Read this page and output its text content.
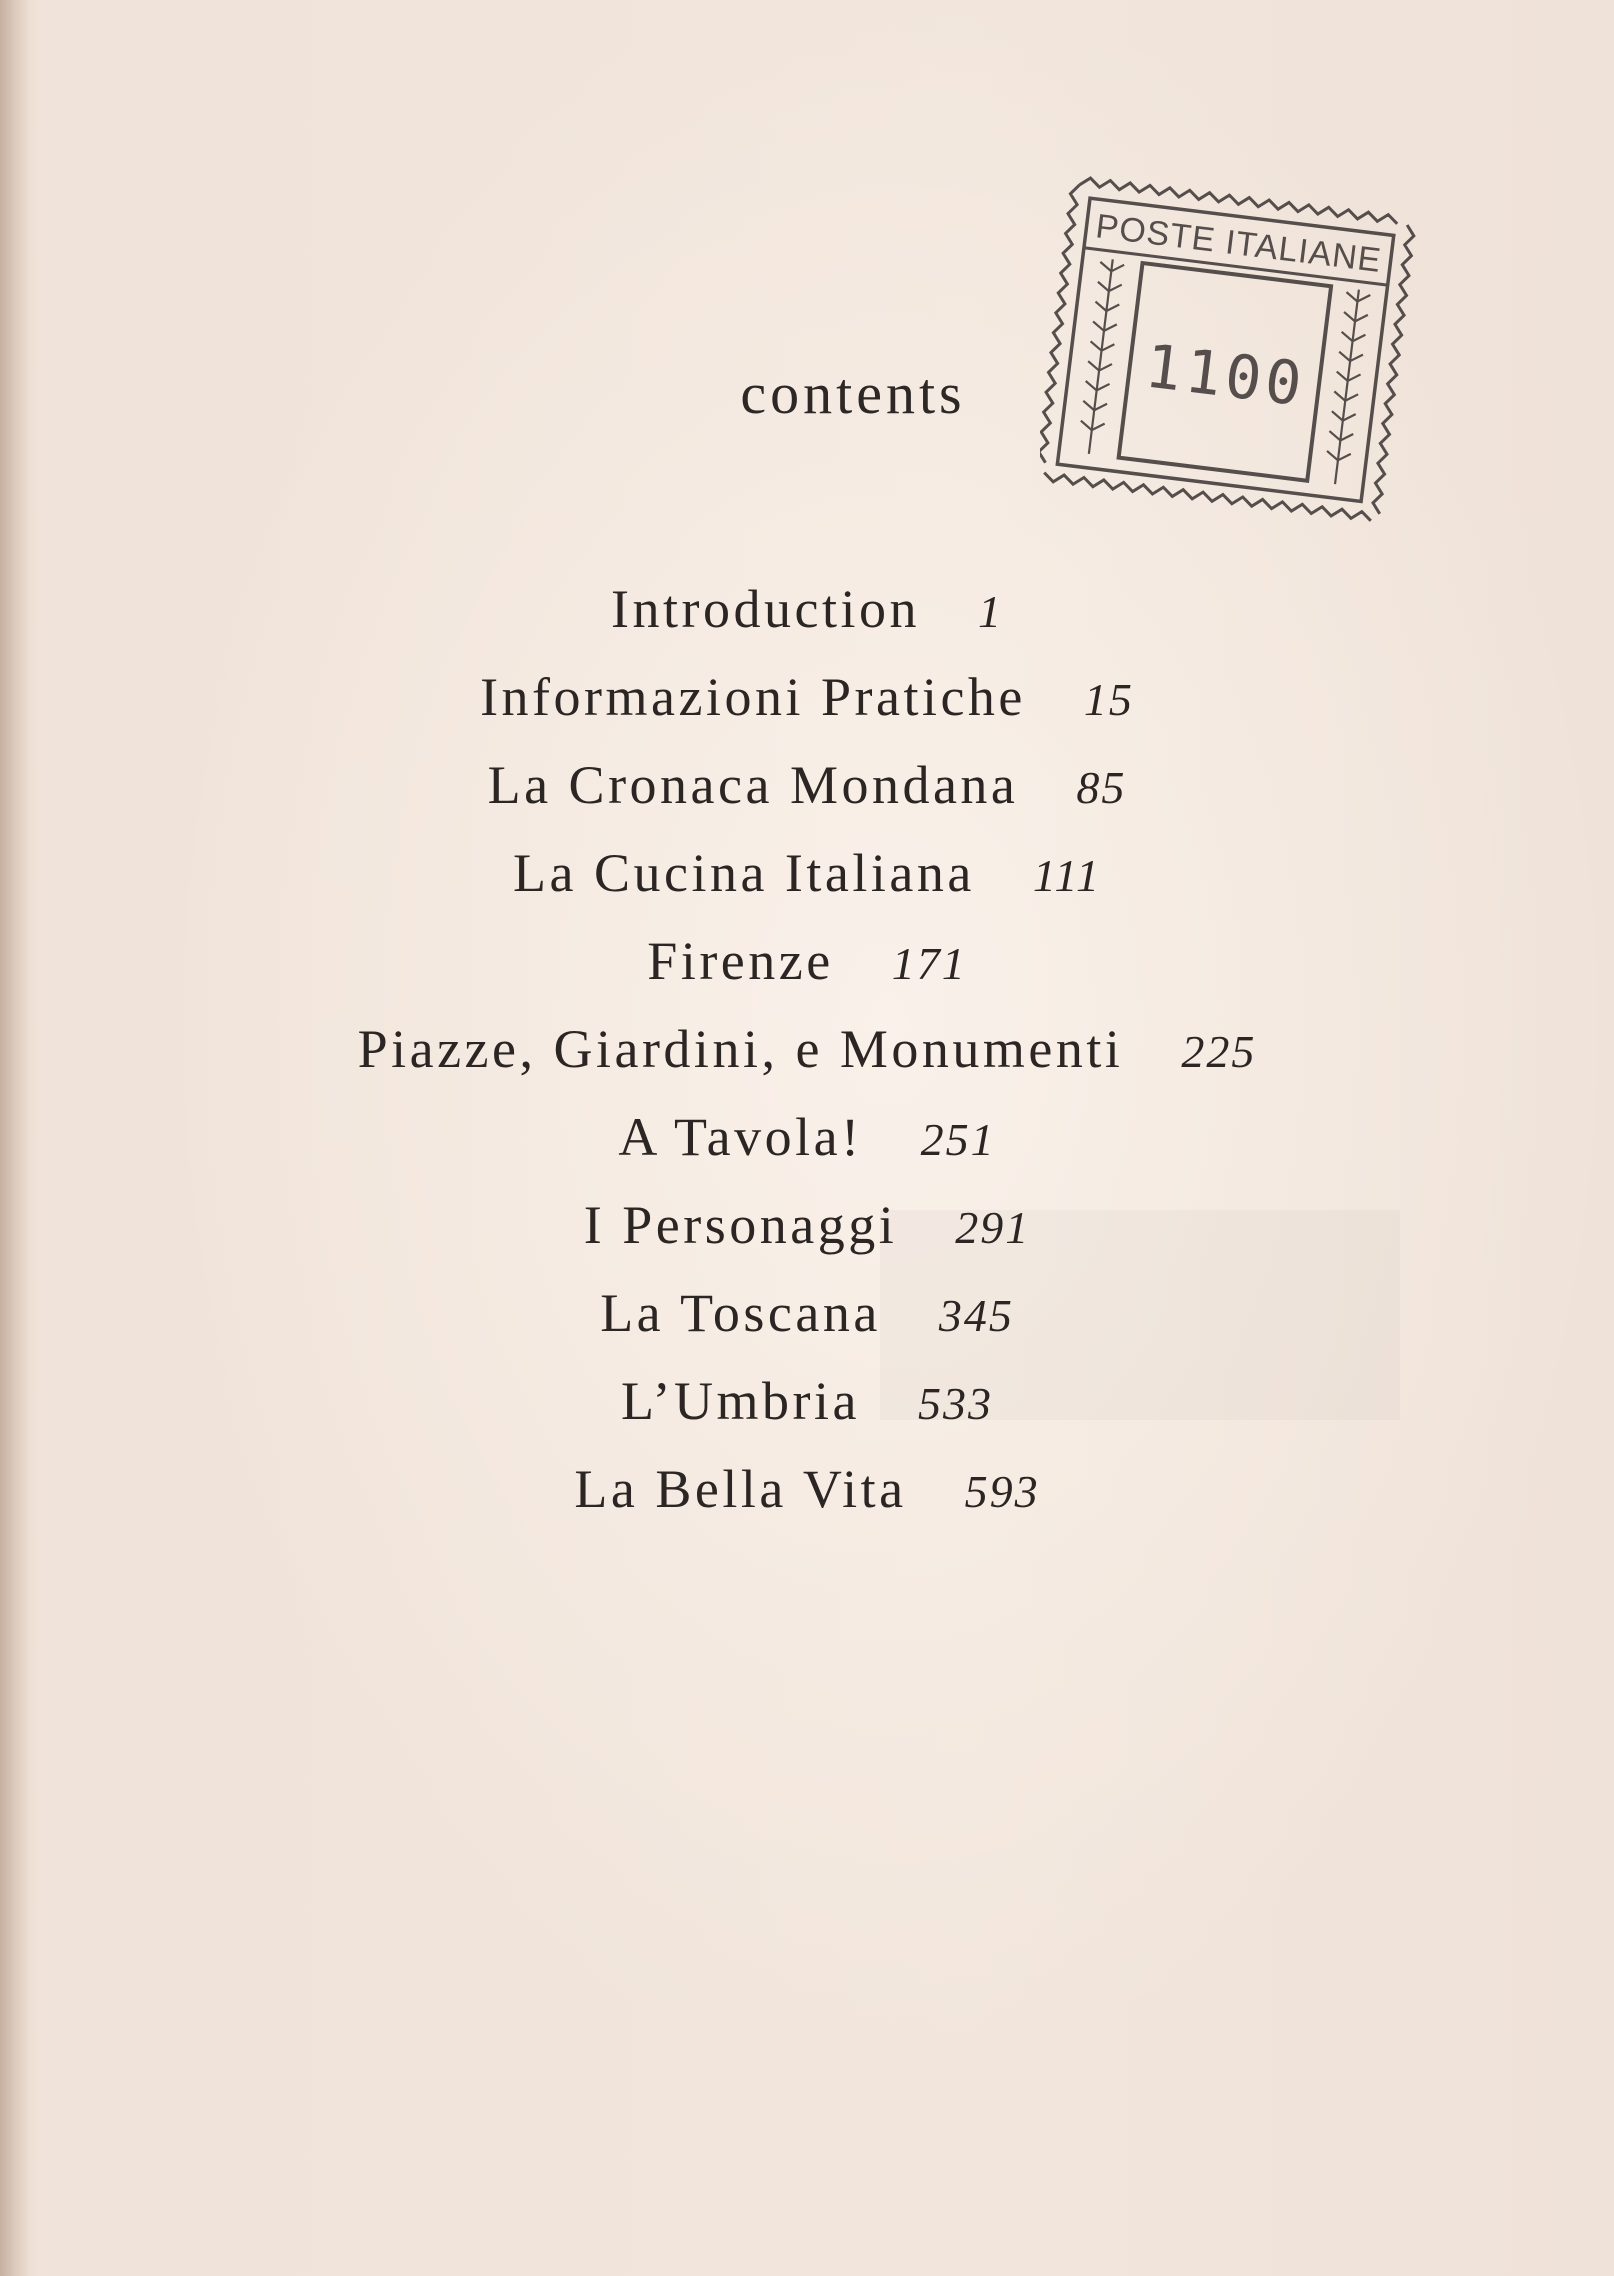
contents
POSTE ITALIANE
1100
Introduction 1
Informazioni Pratiche 15
La Cronaca Mondana 85
La Cucina Italiana 111
Firenze 171
Piazze, Giardini, e Monumenti 225
A Tavola! 251
I Personaggi 291
La Toscana 345
L’Umbria 533
La Bella Vita 593
